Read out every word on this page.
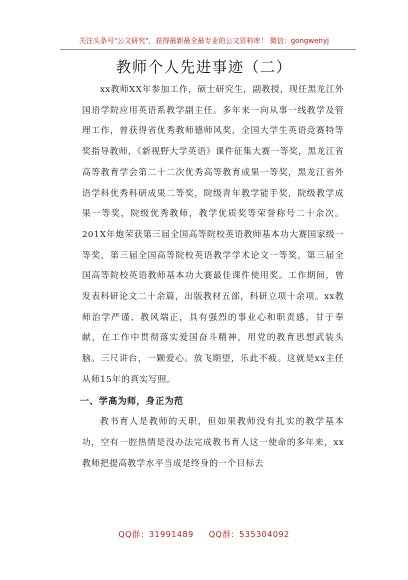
关注头条号"公文研究"，获得最新最全最专业的公文资料库！ 微信：gongwenyj
教师个人先进事迹（二）

xx教师XX年参加工作，硕士研究生，副教授，现任黑龙江外国语学院应用英语系教学副主任。多年来一向从事一线教学及管理工作，曾获得省优秀教师德师风奖，全国大学生英语竞赛特等奖指导教师，《新视野大学英语》课件征集大赛一等奖，黑龙江省高等教育学会第二十二次优秀高等教育成果一等奖，黑龙江省外语学科优秀科研成果二等奖，院级青年教学能手奖，院级教学成果一等奖，院级优秀教师，教学优质奖等荣誉称号二十余次。201X年炮荣获第三届全国高等院校英语教师基本功大赛国家级一等奖，第三届全国高等院校英语教学学术论文一等奖，第三届全国高等院校英语教师基本功大赛最佳课件使用奖。工作期间，曾发表科研论文二十余篇，出版教材五部，科研立项十余项。xx教师治学严谨、教风端正，具有强烈的事业心和职责感，甘于奉献，在工作中贯彻落实爱国奋斗精神，用党的教育思想武装头脑。三尺讲台，一颗爱心。放飞期望，乐此不疲。这就是xx主任从师15年的真实写照。

一、学高为师，身正为范

教书育人是教师的天职，但如果教师没有扎实的教学基本功，空有一腔热情是没办法完成教书育人这一使命的多年来，xx教师把提高教学水平当成是终身的一个目标去

QQ群：31991489 QQ群：535304092
